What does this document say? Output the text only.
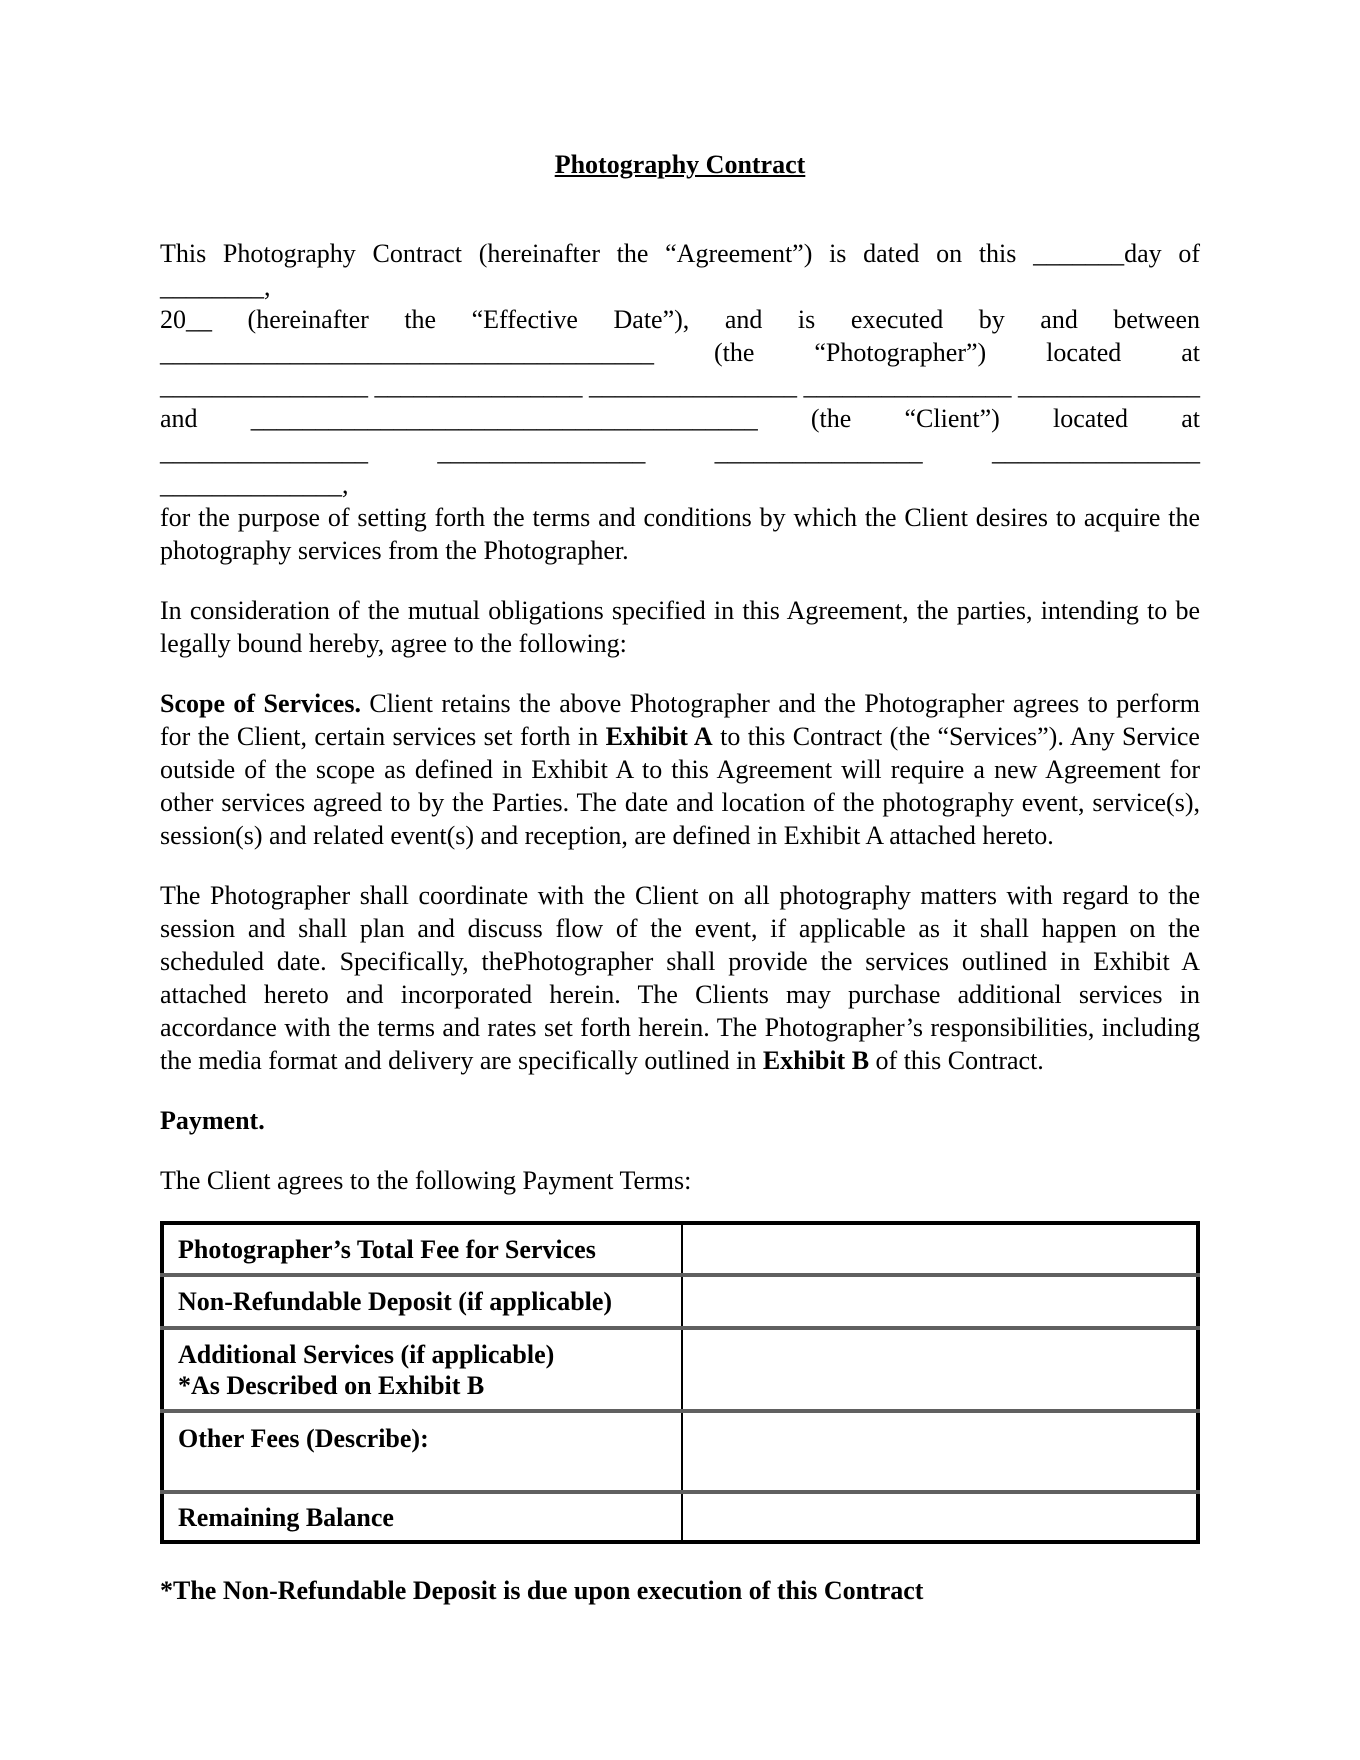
Photography Contract
This Photography Contract (hereinafter the “Agreement”) is dated on this _______day of ________,
20__ (hereinafter the “Effective Date”), and is executed by and between
______________________________________ (the “Photographer”) located at
________________ ________________ ________________ ________________ ______________
and _______________________________________ (the “Client”) located at
________________ ________________ ________________ ________________ ______________,
for the purpose of setting forth the terms and conditions by which the Client desires to acquire the
photography services from the Photographer.

In consideration of the mutual obligations specified in this Agreement, the parties, intending to be legally bound hereby, agree to the following:

Scope of Services. Client retains the above Photographer and the Photographer agrees to perform for the Client, certain services set forth in Exhibit A to this Contract (the “Services”). Any Service outside of the scope as defined in Exhibit A to this Agreement will require a new Agreement for other services agreed to by the Parties. The date and location of the photography event, service(s), session(s) and related event(s) and reception, are defined in Exhibit A attached hereto.

The Photographer shall coordinate with the Client on all photography matters with regard to the session and shall plan and discuss flow of the event, if applicable as it shall happen on the scheduled date. Specifically, thePhotographer shall provide the services outlined in Exhibit A attached hereto and incorporated herein. The Clients may purchase additional services in accordance with the terms and rates set forth herein. The Photographer’s responsibilities, including the media format and delivery are specifically outlined in Exhibit B of this Contract.

Payment.

The Client agrees to the following Payment Terms:

Photographer’s Total Fee for Services	
Non-Refundable Deposit (if applicable)	

Additional Services (if applicable)
*As Described on Exhibit B	

Other Fees (Describe):	
Remaining Balance	

*The Non-Refundable Deposit is due upon execution of this Contract
